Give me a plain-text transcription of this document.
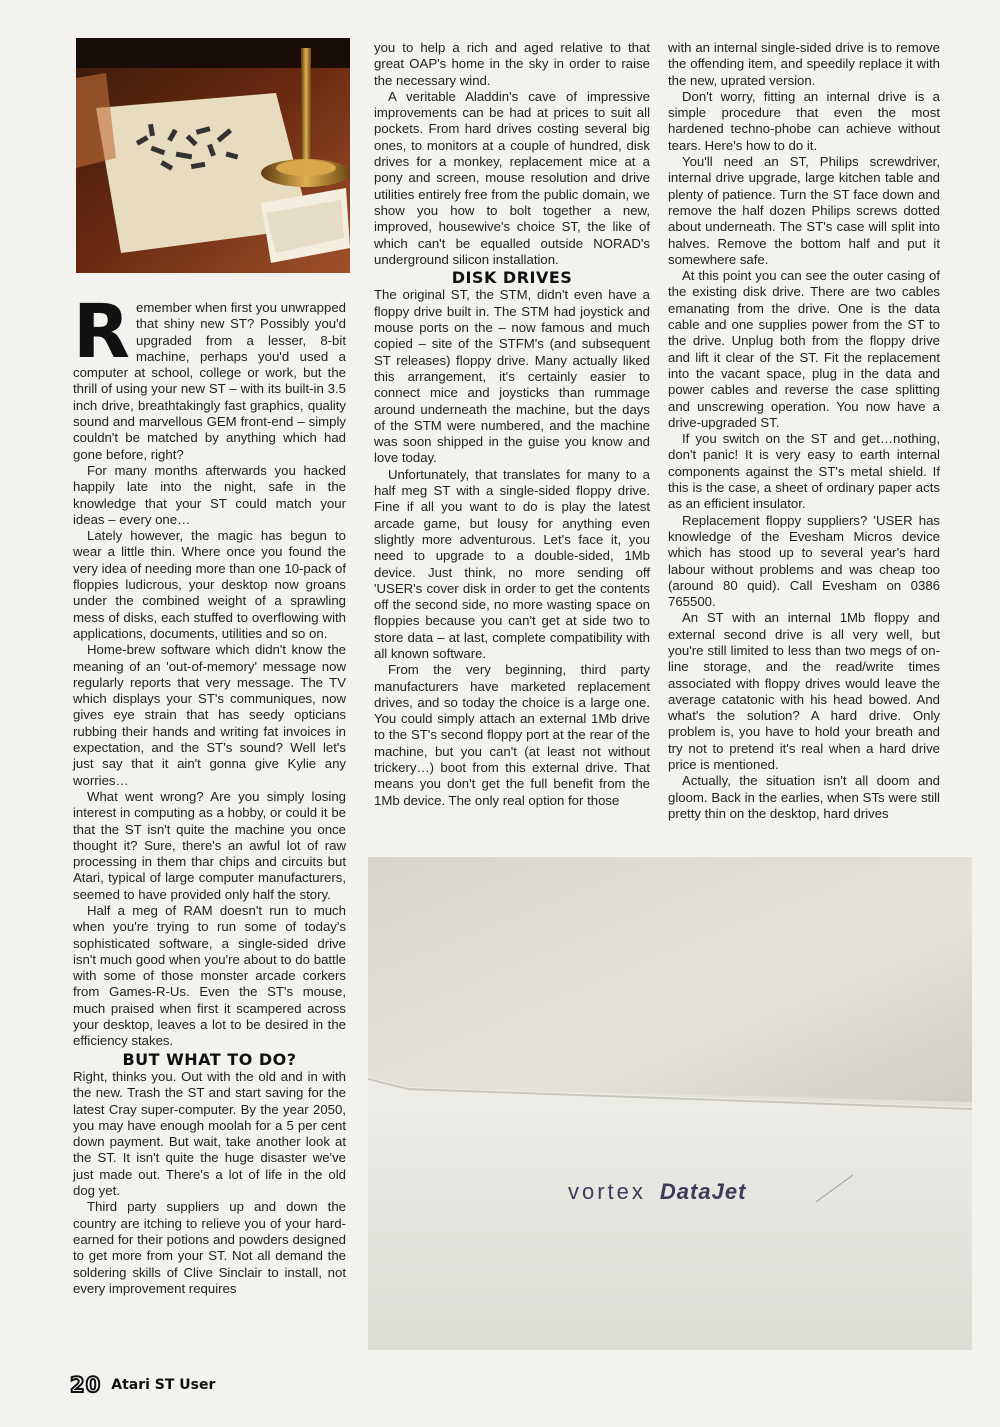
R emember when first you unwrapped that shiny new ST? Possibly you'd upgraded from a lesser, 8-bit machine, perhaps you'd used a computer at school, college or work, but the thrill of using your new ST – with its built-in 3.5 inch drive, breathtakingly fast graphics, quality sound and marvellous GEM front-end – simply couldn't be matched by anything which had gone before, right?

For many months afterwards you hacked happily late into the night, safe in the knowledge that your ST could match your ideas – every one…

Lately however, the magic has begun to wear a little thin. Where once you found the very idea of needing more than one 10-pack of floppies ludicrous, your desktop now groans under the combined weight of a sprawling mess of disks, each stuffed to overflowing with applications, documents, utilities and so on.

Home-brew software which didn't know the meaning of an 'out-of-memory' message now regularly reports that very message. The TV which displays your ST's communiques, now gives eye strain that has seedy opticians rubbing their hands and writing fat invoices in expectation, and the ST's sound? Well let's just say that it ain't gonna give Kylie any worries…

What went wrong? Are you simply losing interest in computing as a hobby, or could it be that the ST isn't quite the machine you once thought it? Sure, there's an awful lot of raw processing in them thar chips and circuits but Atari, typical of large computer manufacturers, seemed to have provided only half the story.

Half a meg of RAM doesn't run to much when you're trying to run some of today's sophisticated software, a single-sided drive isn't much good when you're about to do battle with some of those monster arcade corkers from Games-R-Us. Even the ST's mouse, much praised when first it scampered across your desktop, leaves a lot to be desired in the efficiency stakes.

BUT WHAT TO DO?

Right, thinks you. Out with the old and in with the new. Trash the ST and start saving for the latest Cray super-computer. By the year 2050, you may have enough moolah for a 5 per cent down payment. But wait, take another look at the ST. It isn't quite the huge disaster we've just made out. There's a lot of life in the old dog yet.

Third party suppliers up and down the country are itching to relieve you of your hard-earned for their potions and powders designed to get more from your ST. Not all demand the soldering skills of Clive Sinclair to install, not every improvement requires

you to help a rich and aged relative to that great OAP's home in the sky in order to raise the necessary wind.

A veritable Aladdin's cave of impressive improvements can be had at prices to suit all pockets. From hard drives costing several big ones, to monitors at a couple of hundred, disk drives for a monkey, replacement mice at a pony and screen, mouse resolution and drive utilities entirely free from the public domain, we show you how to bolt together a new, improved, housewive's choice ST, the like of which can't be equalled outside NORAD's underground silicon installation.

DISK DRIVES

The original ST, the STM, didn't even have a floppy drive built in. The STM had joystick and mouse ports on the – now famous and much copied – site of the STFM's (and subsequent ST releases) floppy drive. Many actually liked this arrangement, it's certainly easier to connect mice and joysticks than rummage around underneath the machine, but the days of the STM were numbered, and the machine was soon shipped in the guise you know and love today.

Unfortunately, that translates for many to a half meg ST with a single-sided floppy drive. Fine if all you want to do is play the latest arcade game, but lousy for anything even slightly more adventurous. Let's face it, you need to upgrade to a double-sided, 1Mb device. Just think, no more sending off 'USER's cover disk in order to get the contents off the second side, no more wasting space on floppies because you can't get at side two to store data – at last, complete compatibility with all known software.

From the very beginning, third party manufacturers have marketed replacement drives, and so today the choice is a large one. You could simply attach an external 1Mb drive to the ST's second floppy port at the rear of the machine, but you can't (at least not without trickery…) boot from this external drive. That means you don't get the full benefit from the 1Mb device. The only real option for those

with an internal single-sided drive is to remove the offending item, and speedily replace it with the new, uprated version.

Don't worry, fitting an internal drive is a simple procedure that even the most hardened techno-phobe can achieve without tears. Here's how to do it.

You'll need an ST, Philips screwdriver, internal drive upgrade, large kitchen table and plenty of patience. Turn the ST face down and remove the half dozen Philips screws dotted about underneath. The ST's case will split into halves. Remove the bottom half and put it somewhere safe.

At this point you can see the outer casing of the existing disk drive. There are two cables emanating from the drive. One is the data cable and one supplies power from the ST to the drive. Unplug both from the floppy drive and lift it clear of the ST. Fit the replacement into the vacant space, plug in the data and power cables and reverse the case splitting and unscrewing operation. You now have a drive-upgraded ST.

If you switch on the ST and get…nothing, don't panic! It is very easy to earth internal components against the ST's metal shield. If this is the case, a sheet of ordinary paper acts as an efficient insulator.

Replacement floppy suppliers? 'USER has knowledge of the Evesham Micros device which has stood up to several year's hard labour without problems and was cheap too (around 80 quid). Call Evesham on 0386 765500.

An ST with an internal 1Mb floppy and external second drive is all very well, but you're still limited to less than two megs of on-line storage, and the read/write times associated with floppy drives would leave the average catatonic with his head bowed. And what's the solution? A hard drive. Only problem is, you have to hold your breath and try not to pretend it's real when a hard drive price is mentioned.

Actually, the situation isn't all doom and gloom. Back in the earlies, when STs were still pretty thin on the desktop, hard drives

vortex DataJet
20 Atari ST User
